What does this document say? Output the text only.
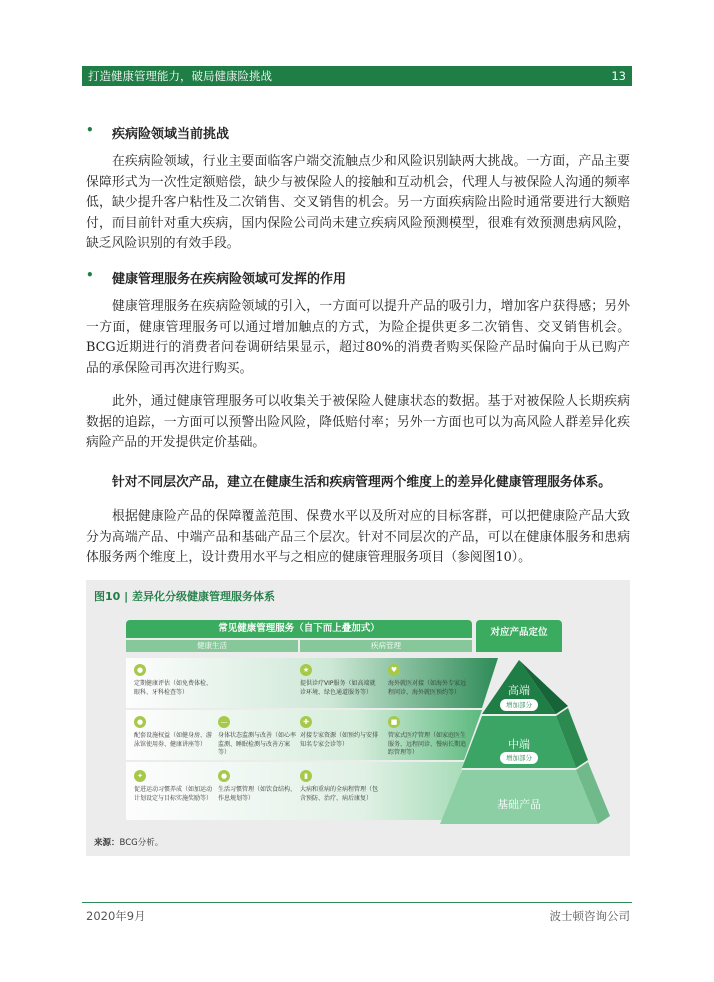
打造健康管理能力，破局健康险挑战	13
• 疾病险领域当前挑战
在疾病险领域，行业主要面临客户端交流触点少和风险识别缺两大挑战。一方面，产品主要保障形式为一次性定额赔偿，缺少与被保险人的接触和互动机会，代理人与被保险人沟通的频率低，缺少提升客户粘性及二次销售、交叉销售的机会。另一方面疾病险出险时通常要进行大额赔付，而目前针对重大疾病，国内保险公司尚未建立疾病风险预测模型，很难有效预测患病风险，缺乏风险识别的有效手段。
• 健康管理服务在疾病险领域可发挥的作用
健康管理服务在疾病险领域的引入，一方面可以提升产品的吸引力，增加客户获得感；另外一方面，健康管理服务可以通过增加触点的方式，为险企提供更多二次销售、交叉销售机会。BCG近期进行的消费者问卷调研结果显示，超过80%的消费者购买保险产品时偏向于从已购产品的承保险司再次进行购买。
此外，通过健康管理服务可以收集关于被保险人健康状态的数据。基于对被保险人长期疾病数据的追踪，一方面可以预警出险风险，降低赔付率；另外一方面也可以为高风险人群差异化疾病险产品的开发提供定价基础。
针对不同层次产品，建立在健康生活和疾病管理两个维度上的差异化健康管理服务体系。
根据健康险产品的保障覆盖范围、保费水平以及所对应的目标客群，可以把健康险产品大致分为高端产品、中端产品和基础产品三个层次。针对不同层次的产品，可以在健康体服务和患病体服务两个维度上，设计费用水平与之相应的健康管理服务项目（参阅图10）。
图10 | 差异化分级健康管理服务体系
常见健康管理服务（自下而上叠加式）
健康生活	疾病管理
对应产品定位
●
定期健康评估（如免费体检、眼科、牙科检查等）
★
提供诊疗VIP服务（如高端就诊环境、绿色通道服务等）
♥
海外就医对接（如海外专家远程问诊、海外就医预约等）
●
配套设施权益（如健身房、游泳馆使用券、健康讲座等）
—
身体状态监测与改善（如心率监测、睡眠检测与改善方案等）
✚
对接专家资源（如预约与安排知名专家会诊等）
■
管家式医疗管理（如家庭医生服务、远程问诊、慢病长期追踪管理等）
✦
促进运动习惯养成（如加运动计划设定与目标实施奖励等）
●
生活习惯管理（如饮食结构、作息规划等）
▮
大病和重病的全病程管理（包含预防、治疗、病后康复）
高端
增加部分
中端
增加部分
基础产品
来源：BCG分析。
2020年9月	波士顿咨询公司
